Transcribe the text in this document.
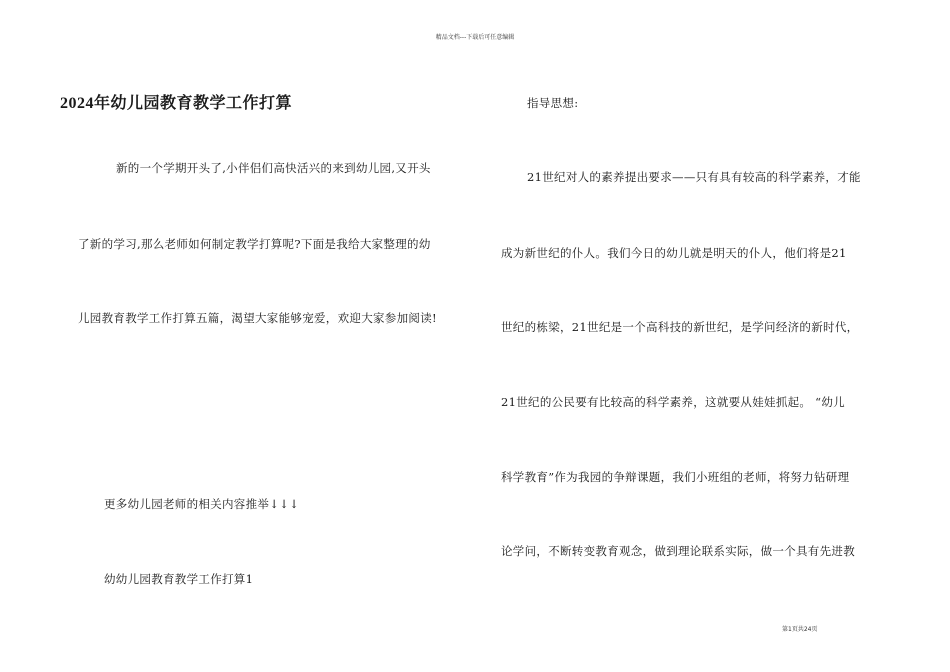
精品文档---下载后可任意编辑
2024年幼儿园教育教学工作打算
新的一个学期开头了,小伴侣们高快活兴的来到幼儿园,又开头
了新的学习,那么老师如何制定教学打算呢?下面是我给大家整理的幼
儿园教育教学工作打算五篇，渴望大家能够宠爱，欢迎大家参加阅读!
更多幼儿园老师的相关内容推举↓↓↓
幼幼儿园教育教学工作打算1
指导思想:
21世纪对人的素养提出要求——只有具有较高的科学素养，才能
成为新世纪的仆人。我们今日的幼儿就是明天的仆人，他们将是21
世纪的栋梁，21世纪是一个高科技的新世纪，是学问经济的新时代，
21世纪的公民要有比较高的科学素养，这就要从娃娃抓起。 “幼儿
科学教育”作为我园的争辩课题，我们小班组的老师，将努力钻研理
论学问，不断转变教育观念，做到理论联系实际，做一个具有先进教
第1页共24页
